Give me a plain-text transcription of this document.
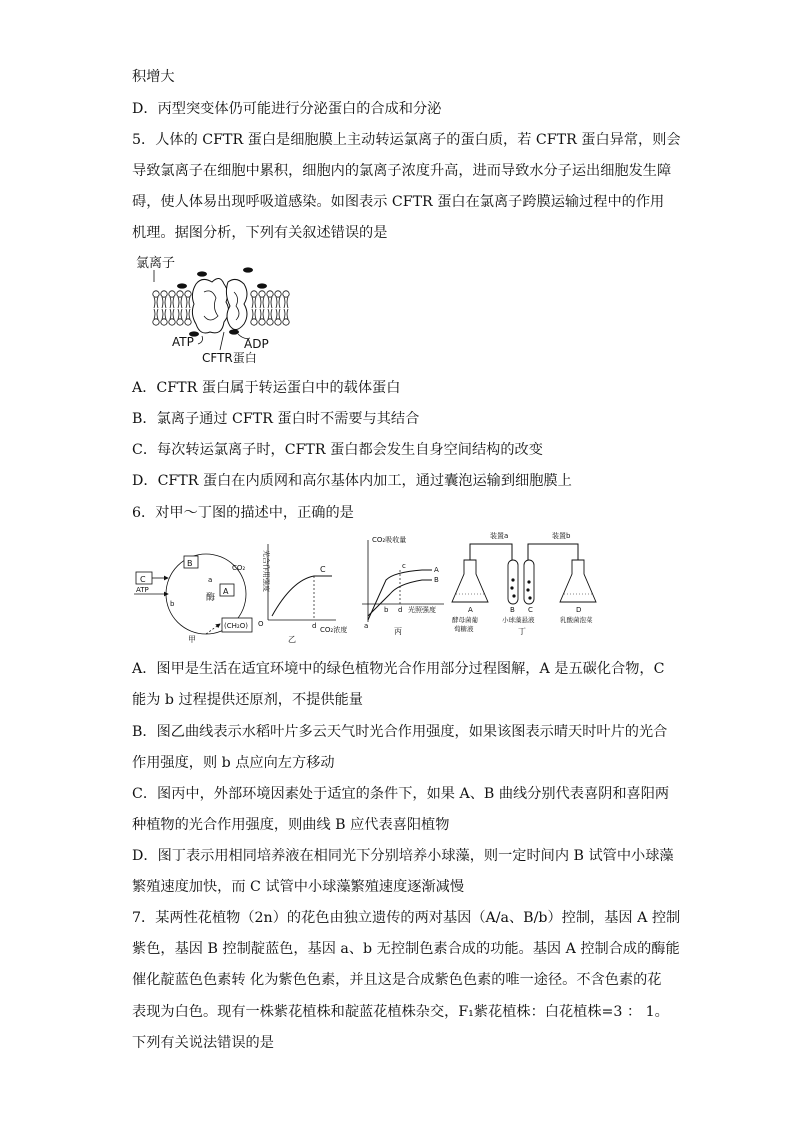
积增大
D．丙型突变体仍可能进行分泌蛋白的合成和分泌
5．人体的 CFTR 蛋白是细胞膜上主动转运氯离子的蛋白质，若 CFTR 蛋白异常，则会
导致氯离子在细胞中累积，细胞内的氯离子浓度升高，进而导致水分子运出细胞发生障
碍，使人体易出现呼吸道感染。如图表示 CFTR 蛋白在氯离子跨膜运输过程中的作用
机理。据图分析，下列有关叙述错误的是
氯离子
ATP	ADP
CFTR蛋白
A．CFTR 蛋白属于转运蛋白中的载体蛋白
B．氯离子通过 CFTR 蛋白时不需要与其结合
C．每次转运氯离子时，CFTR 蛋白都会发生自身空间结构的改变
D．CFTR 蛋白在内质网和高尔基体内加工，通过囊泡运输到细胞膜上
6．对甲～丁图的描述中，正确的是
C
ATP
B
A
CO₂
a
酶
b
(CH₂O)
甲
光合作用强度	C
O	d CO₂浓度
乙
CO₂吸收量
c	A
B
a
b d 光照强度
丙
装置a	装置b
A	B C	D
酵母菌葡
萄糖液
小球藻悬液	乳酸菌泡菜
丁
A．图甲是生活在适宜环境中的绿色植物光合作用部分过程图解，A 是五碳化合物，C
能为 b 过程提供还原剂，不提供能量
B．图乙曲线表示水稻叶片多云天气时光合作用强度，如果该图表示晴天时叶片的光合
作用强度，则 b 点应向左方移动
C．图丙中，外部环境因素处于适宜的条件下，如果 A、B 曲线分别代表喜阴和喜阳两
种植物的光合作用强度，则曲线 B 应代表喜阳植物
D．图丁表示用相同培养液在相同光下分别培养小球藻，则一定时间内 B 试管中小球藻
繁殖速度加快，而 C 试管中小球藻繁殖速度逐渐减慢
7．某两性花植物（2n）的花色由独立遗传的两对基因（A/a、B/b）控制，基因 A 控制
紫色，基因 B 控制靛蓝色，基因 a、b 无控制色素合成的功能。基因 A 控制合成的酶能
催化靛蓝色色素转 化为紫色色素，并且这是合成紫色色素的唯一途径。不含色素的花
表现为白色。现有一株紫花植株和靛蓝花植株杂交，F₁紫花植株：白花植株=3 ： 1。
下列有关说法错误的是
